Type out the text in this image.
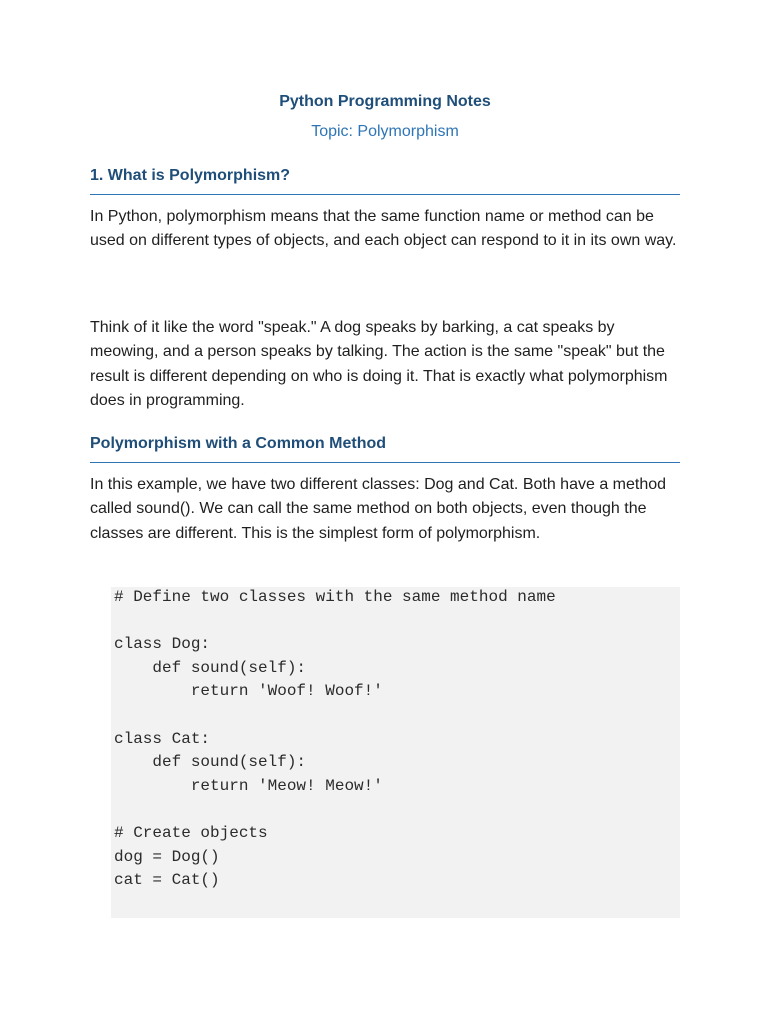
Python Programming Notes
Topic: Polymorphism
1. What is Polymorphism?
In Python, polymorphism means that the same function name or method can be used on different types of objects, and each object can respond to it in its own way.
Think of it like the word "speak." A dog speaks by barking, a cat speaks by meowing, and a person speaks by talking. The action is the same "speak" but the result is different depending on who is doing it. That is exactly what polymorphism does in programming.
Polymorphism with a Common Method
In this example, we have two different classes: Dog and Cat. Both have a method called sound(). We can call the same method on both objects, even though the classes are different. This is the simplest form of polymorphism.
# Define two classes with the same method name

class Dog:
def sound(self):
return 'Woof! Woof!'

class Cat:
def sound(self):
return 'Meow! Meow!'

# Create objects
dog = Dog()
cat = Cat()
